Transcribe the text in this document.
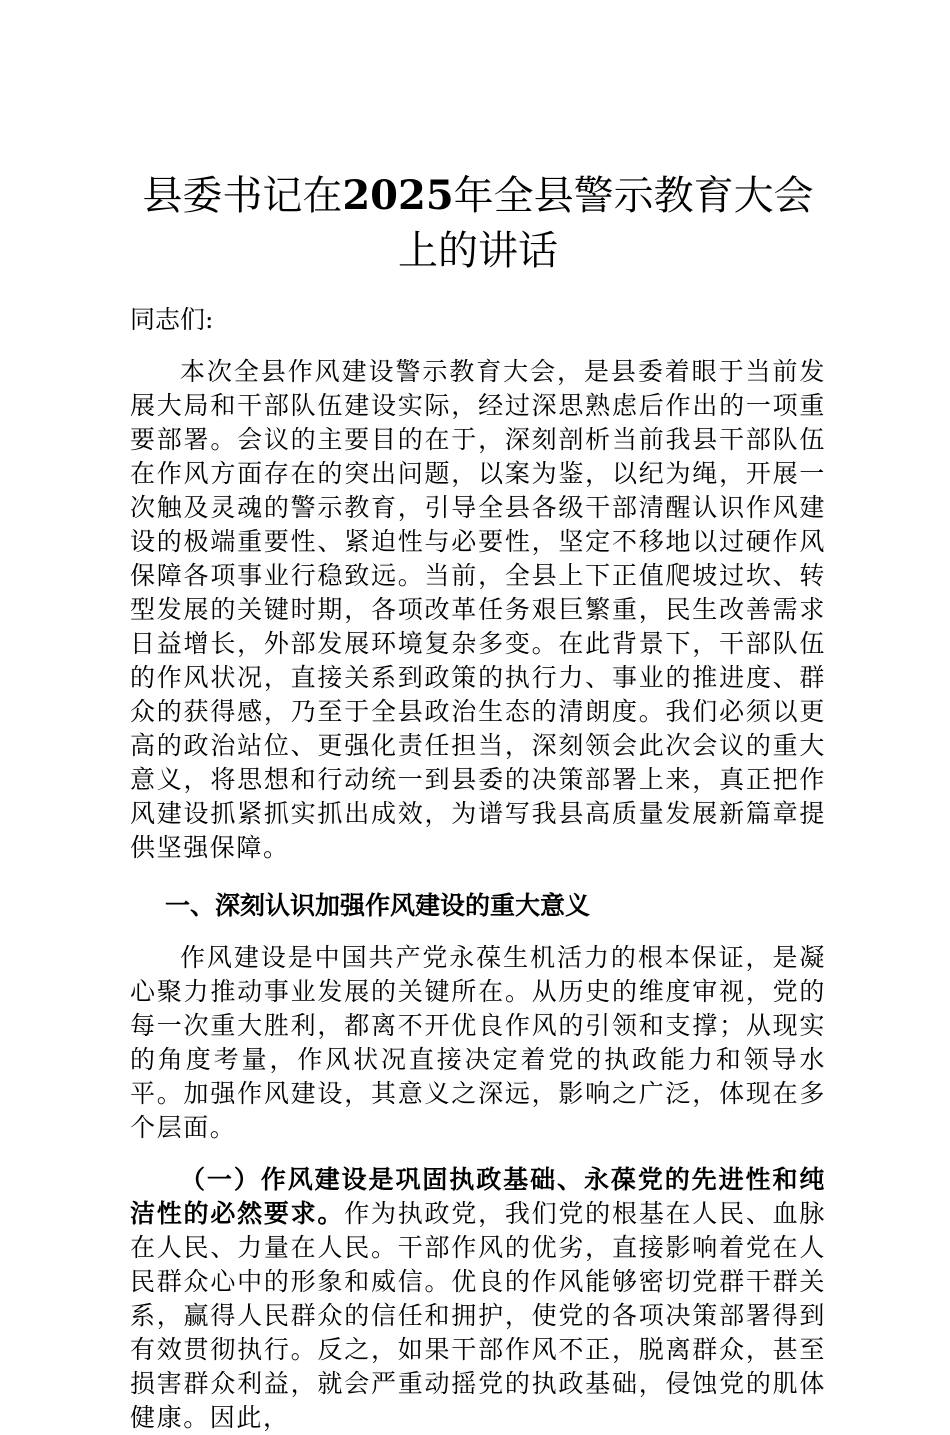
县委书记在2025年全县警示教育大会上的讲话

同志们:

本次全县作风建设警示教育大会，是县委着眼于当前发展大局和干部队伍建设实际，经过深思熟虑后作出的一项重要部署。会议的主要目的在于，深刻剖析当前我县干部队伍在作风方面存在的突出问题，以案为鉴，以纪为绳，开展一次触及灵魂的警示教育，引导全县各级干部清醒认识作风建设的极端重要性、紧迫性与必要性，坚定不移地以过硬作风保障各项事业行稳致远。当前，全县上下正值爬坡过坎、转型发展的关键时期，各项改革任务艰巨繁重，民生改善需求日益增长，外部发展环境复杂多变。在此背景下，干部队伍的作风状况，直接关系到政策的执行力、事业的推进度、群众的获得感，乃至于全县政治生态的清朗度。我们必须以更高的政治站位、更强化责任担当，深刻领会此次会议的重大意义，将思想和行动统一到县委的决策部署上来，真正把作风建设抓紧抓实抓出成效，为谱写我县高质量发展新篇章提供坚强保障。

一、深刻认识加强作风建设的重大意义

作风建设是中国共产党永葆生机活力的根本保证，是凝心聚力推动事业发展的关键所在。从历史的维度审视，党的每一次重大胜利，都离不开优良作风的引领和支撑；从现实的角度考量，作风状况直接决定着党的执政能力和领导水平。加强作风建设，其意义之深远，影响之广泛，体现在多个层面。

（一）作风建设是巩固执政基础、永葆党的先进性和纯洁性的必然要求。作为执政党，我们党的根基在人民、血脉在人民、力量在人民。干部作风的优劣，直接影响着党在人民群众心中的形象和威信。优良的作风能够密切党群干群关系，赢得人民群众的信任和拥护，使党的各项决策部署得到有效贯彻执行。反之，如果干部作风不正，脱离群众，甚至损害群众利益，就会严重动摇党的执政基础，侵蚀党的肌体健康。因此，
